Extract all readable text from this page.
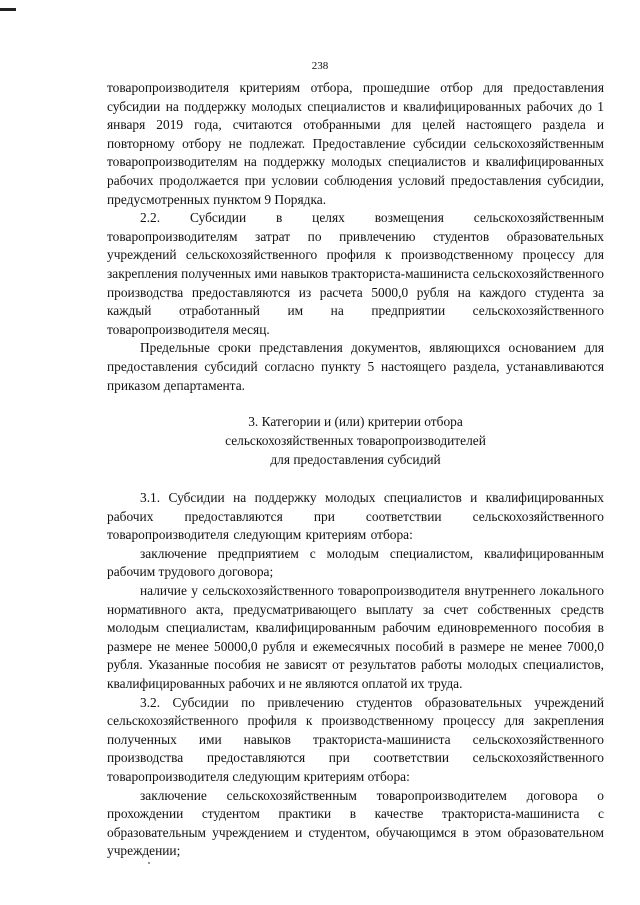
238

товаропроизводителя критериям отбора, прошедшие отбор для предоставления субсидии на поддержку молодых специалистов и квалифицированных рабочих до 1 января 2019 года, считаются отобранными для целей настоящего раздела и повторному отбору не подлежат. Предоставление субсидии сельскохозяйственным товаропроизводителям на поддержку молодых специалистов и квалифицированных рабочих продолжается при условии соблюдения условий предоставления субсидии, предусмотренных пунктом 9 Порядка.

2.2. Субсидии в целях возмещения сельскохозяйственным товаропроизводителям затрат по привлечению студентов образовательных учреждений сельскохозяйственного профиля к производственному процессу для закрепления полученных ими навыков тракториста-машиниста сельскохозяйственного производства предоставляются из расчета 5000,0 рубля на каждого студента за каждый отработанный им на предприятии сельскохозяйственного товаропроизводителя месяц.

Предельные сроки представления документов, являющихся основанием для предоставления субсидий согласно пункту 5 настоящего раздела, устанавливаются приказом департамента.

3. Категории и (или) критерии отбора
сельскохозяйственных товаропроизводителей
для предоставления субсидий

3.1. Субсидии на поддержку молодых специалистов и квалифицированных рабочих предоставляются при соответствии сельскохозяйственного товаропроизводителя следующим критериям отбора:

заключение предприятием с молодым специалистом, квалифицированным рабочим трудового договора;

наличие у сельскохозяйственного товаропроизводителя внутреннего локального нормативного акта, предусматривающего выплату за счет собственных средств молодым специалистам, квалифицированным рабочим единовременного пособия в размере не менее 50000,0 рубля и ежемесячных пособий в размере не менее 7000,0 рубля. Указанные пособия не зависят от результатов работы молодых специалистов, квалифицированных рабочих и не являются оплатой их труда.

3.2. Субсидии по привлечению студентов образовательных учреждений сельскохозяйственного профиля к производственному процессу для закрепления полученных ими навыков тракториста-машиниста сельскохозяйственного производства предоставляются при соответствии сельскохозяйственного товаропроизводителя следующим критериям отбора:

заключение сельскохозяйственным товаропроизводителем договора о прохождении студентом практики в качестве тракториста-машиниста с образовательным учреждением и студентом, обучающимся в этом образовательном учреждении;
